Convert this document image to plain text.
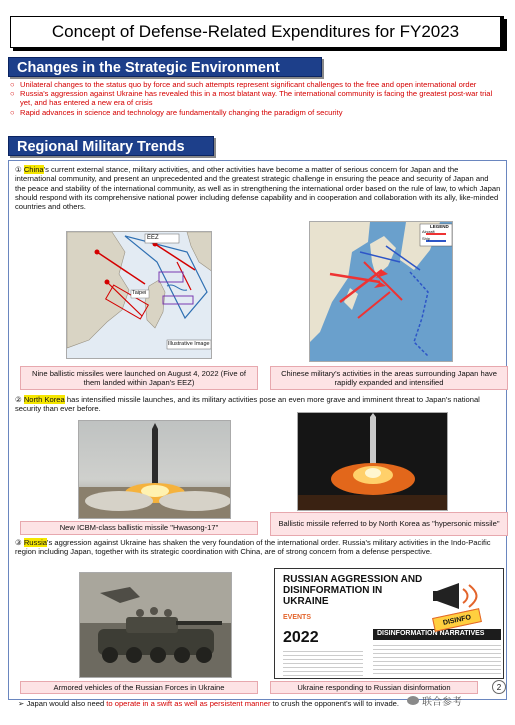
Concept of Defense-Related Expenditures for FY2023
Changes in the Strategic Environment
○ Unilateral changes to the status quo by force and such attempts represent significant challenges to the free and open international order
○ Russia's aggression against Ukraine has revealed this in a most blatant way. The international community is facing the greatest post-war trial yet, and has entered a new era of crisis
○ Rapid advances in science and technology are fundamentally changing the paradigm of security
Regional Military Trends
① China's current external stance, military activities, and other activities have become a matter of serious concern for Japan and the international community, and present an unprecedented and the greatest strategic challenge in ensuring the peace and security of Japan and the peace and stability of the international community, as well as in strengthening the international order based on the rule of law, to which Japan should respond with its comprehensive national power including defense capability and in cooperation and collaboration with its ally, like-minded countries and others.
EEZ
Taipei
Illustrative Image
LEGEND
Aircraft
Ship
Nine ballistic missiles were launched on August 4, 2022 (Five of them landed within Japan's EEZ)
Chinese military's activities in the areas surrounding Japan have rapidly expanded and intensified
② North Korea has intensified missile launches, and its military activities pose an even more grave and imminent threat to Japan's national security than ever before.
New ICBM-class ballistic missile "Hwasong-17"	Ballistic missile referred to by North Korea as "hypersonic missile"
③ Russia's aggression against Ukraine has shaken the very foundation of the international order. Russia's military activities in the Indo-Pacific region including Japan, together with its strategic coordination with China, are of strong concern from a defense perspective.
RUSSIAN AGGRESSION AND DISINFORMATION IN UKRAINE
EVENTS
2022	DISINFORMATION NARRATIVES
DISINFO
Armored vehicles of the Russian Forces in Ukraine	Ukraine responding to Russian disinformation	2
➢ Japan would also need to operate in a swift as well as persistent manner to crush the opponent's will to invade.	联合参考
